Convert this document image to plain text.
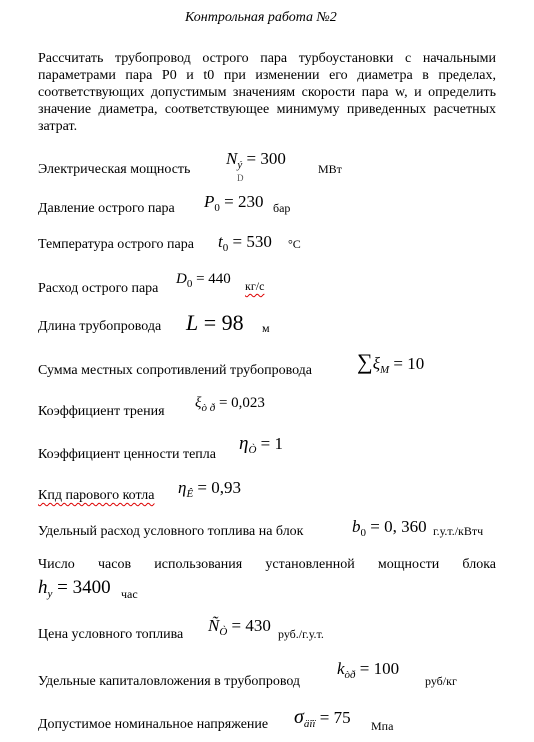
Контрольная работа №2
Рассчитать трубопровод острого пара турбоустановки с начальными параметрами пара P0 и t0 при изменении его диаметра в пределах, соответствующих допустимым значениям скорости пара w, и определить значение диаметра, соответствующее минимуму приведенных расчетных затрат.
Электрическая мощность
$N_ý = 300$
МВт
D
Давление острого пара $P_0 = 230$ бар
Температура острого пара $t_0 = 530$ °C
Расход острого пара
$D_0 = 440$ кг/с
Длина трубопровода L = 98 м
Сумма местных сопротивлений трубопровода $\sum\xi_M = 10$
Коэффициент трения
$\xi_{ò ð} = 0,023$
Коэффициент ценности тепла
$\eta_Ò = 1$
Кпд парового котла $\eta_Ê = 0,93$
Удельный расход условного топлива на блок	$b_0 = 0$, 360 г.у.т./кВтч
Число часов использования установленной мощности блока
$h_y = 3400$ час
Цена условного топлива $Ñ_Ò = 430$ руб./г.у.т.
Удельные капиталовложения в трубопровод
$k_{òð} = 100$
руб/кг
Допустимое номинальное напряжение $\sigma_{äîï} = 75$ Мпа
